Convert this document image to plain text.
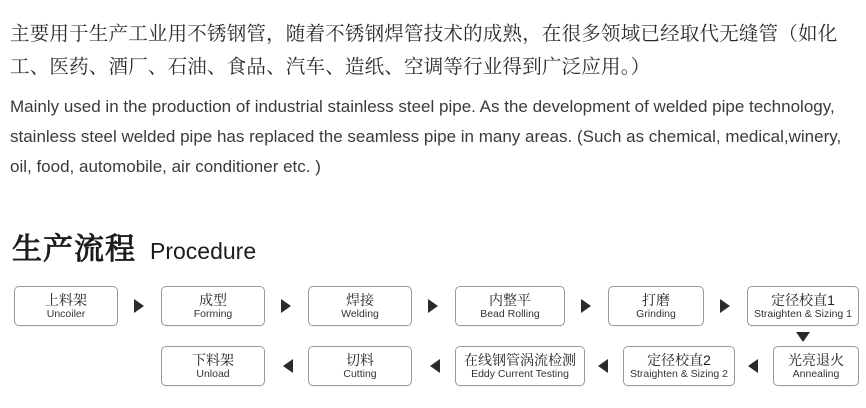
主要用于生产工业用不锈钢管，随着不锈钢焊管技术的成熟，在很多领域已经取代无缝管（如化工、医药、酒厂、石油、食品、汽车、造纸、空调等行业得到广泛应用。）

Mainly used in the production of industrial stainless steel pipe. As the development of welded pipe technology, stainless steel welded pipe has replaced the seamless pipe in many areas. (Such as chemical, medical,winery, oil, food, automobile, air conditioner etc. )

生产流程 Procedure
上料架
Uncoiler
成型
Forming
焊接
Welding
内整平
Bead Rolling
打磨
Grinding
定径校直1
Straighten & Sizing 1
下料架
Unload
切料
Cutting
在线钢管涡流检测
Eddy Current Testing
定径校直2
Straighten & Sizing 2
光亮退火
Annealing
